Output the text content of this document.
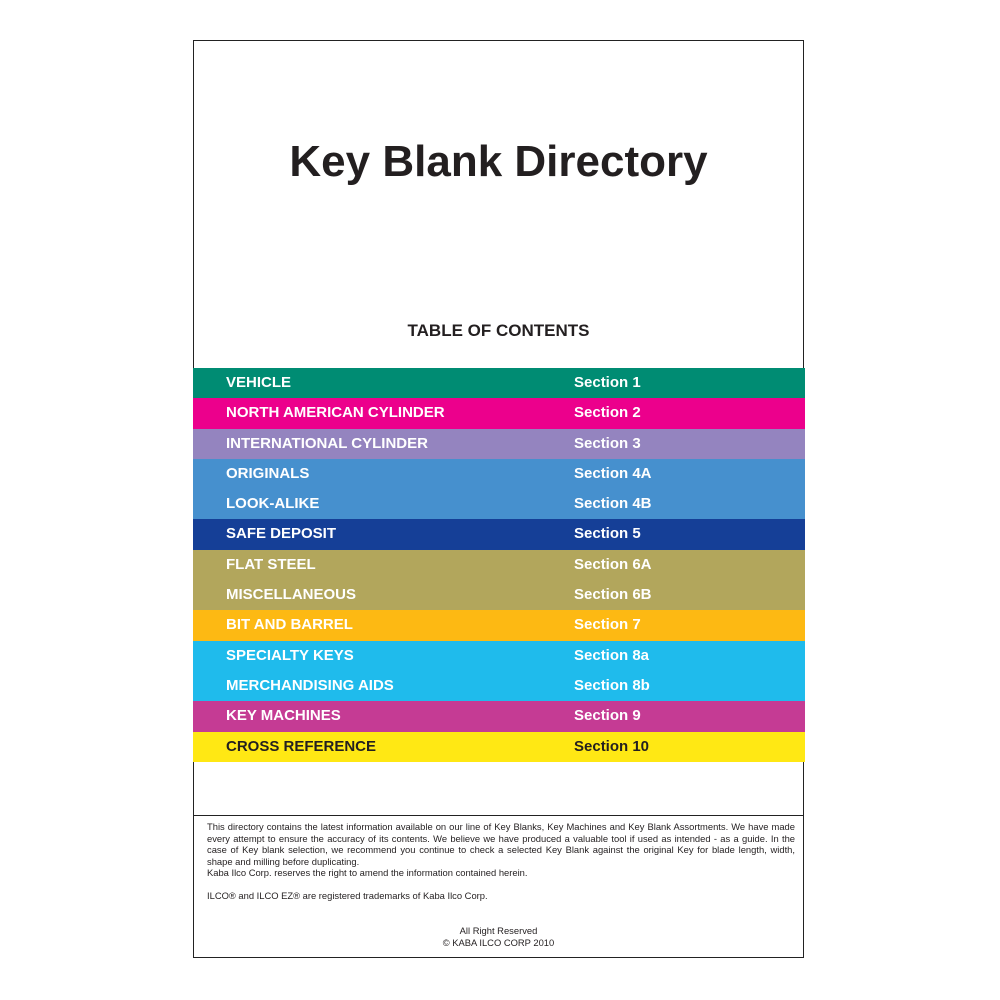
Key Blank Directory
TABLE OF CONTENTS
VEHICLE	Section 1
NORTH AMERICAN CYLINDER	Section 2
INTERNATIONAL CYLINDER	Section 3
ORIGINALS	Section 4A
LOOK-ALIKE	Section 4B
SAFE DEPOSIT	Section 5
FLAT STEEL	Section 6A
MISCELLANEOUS	Section 6B
BIT AND BARREL	Section 7
SPECIALTY KEYS	Section 8a
MERCHANDISING AIDS	Section 8b
KEY MACHINES	Section 9
CROSS REFERENCE	Section 10

This directory contains the latest information available on our line of Key Blanks, Key Machines and Key Blank Assortments. We have made every attempt to ensure the accuracy of its contents. We believe we have produced a valuable tool if used as intended - as a guide. In the case of Key blank selection, we recommend you continue to check a selected Key Blank against the original Key for blade length, width, shape and milling before duplicating.

Kaba Ilco Corp. reserves the right to amend the information contained herein.

ILCO® and ILCO EZ® are registered trademarks of Kaba Ilco Corp.

All Right Reserved
© KABA ILCO CORP 2010
